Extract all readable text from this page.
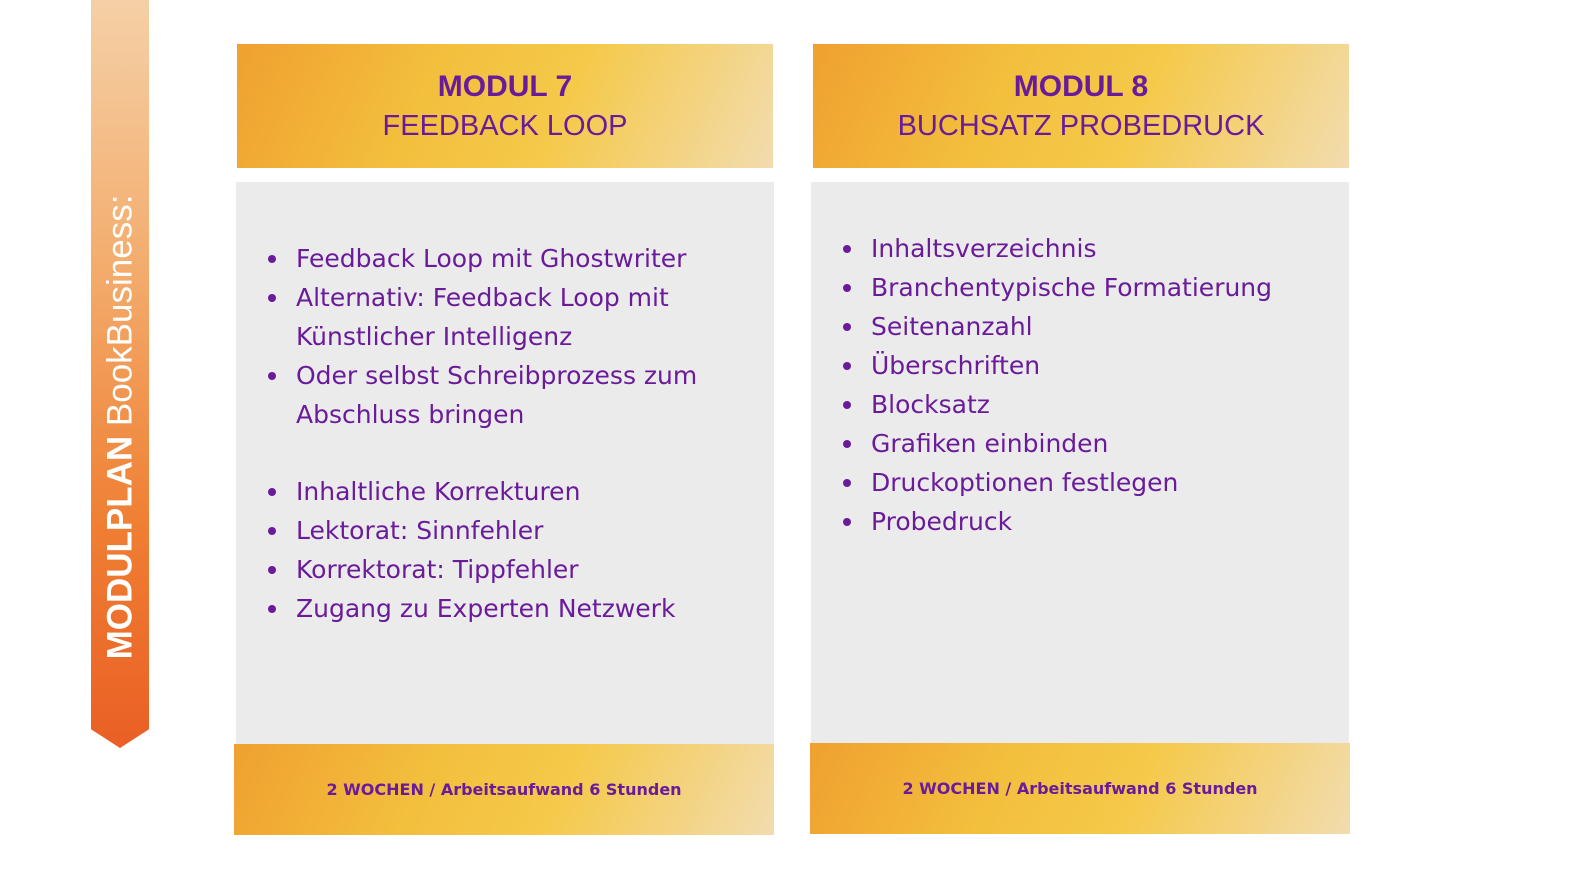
MODULPLAN BookBusiness:
MODUL 7
FEEDBACK LOOP
Feedback Loop mit Ghostwriter
Alternativ: Feedback Loop mit Künstlicher Intelligenz
Oder selbst Schreibprozess zum Abschluss bringen
Inhaltliche Korrekturen
Lektorat: Sinnfehler
Korrektorat: Tippfehler
Zugang zu Experten Netzwerk
2 WOCHEN / Arbeitsaufwand 6 Stunden
MODUL 8
BUCHSATZ PROBEDRUCK
Inhaltsverzeichnis
Branchentypische Formatierung
Seitenanzahl
Überschriften
Blocksatz
Grafiken einbinden
Druckoptionen festlegen
Probedruck
2 WOCHEN / Arbeitsaufwand 6 Stunden
